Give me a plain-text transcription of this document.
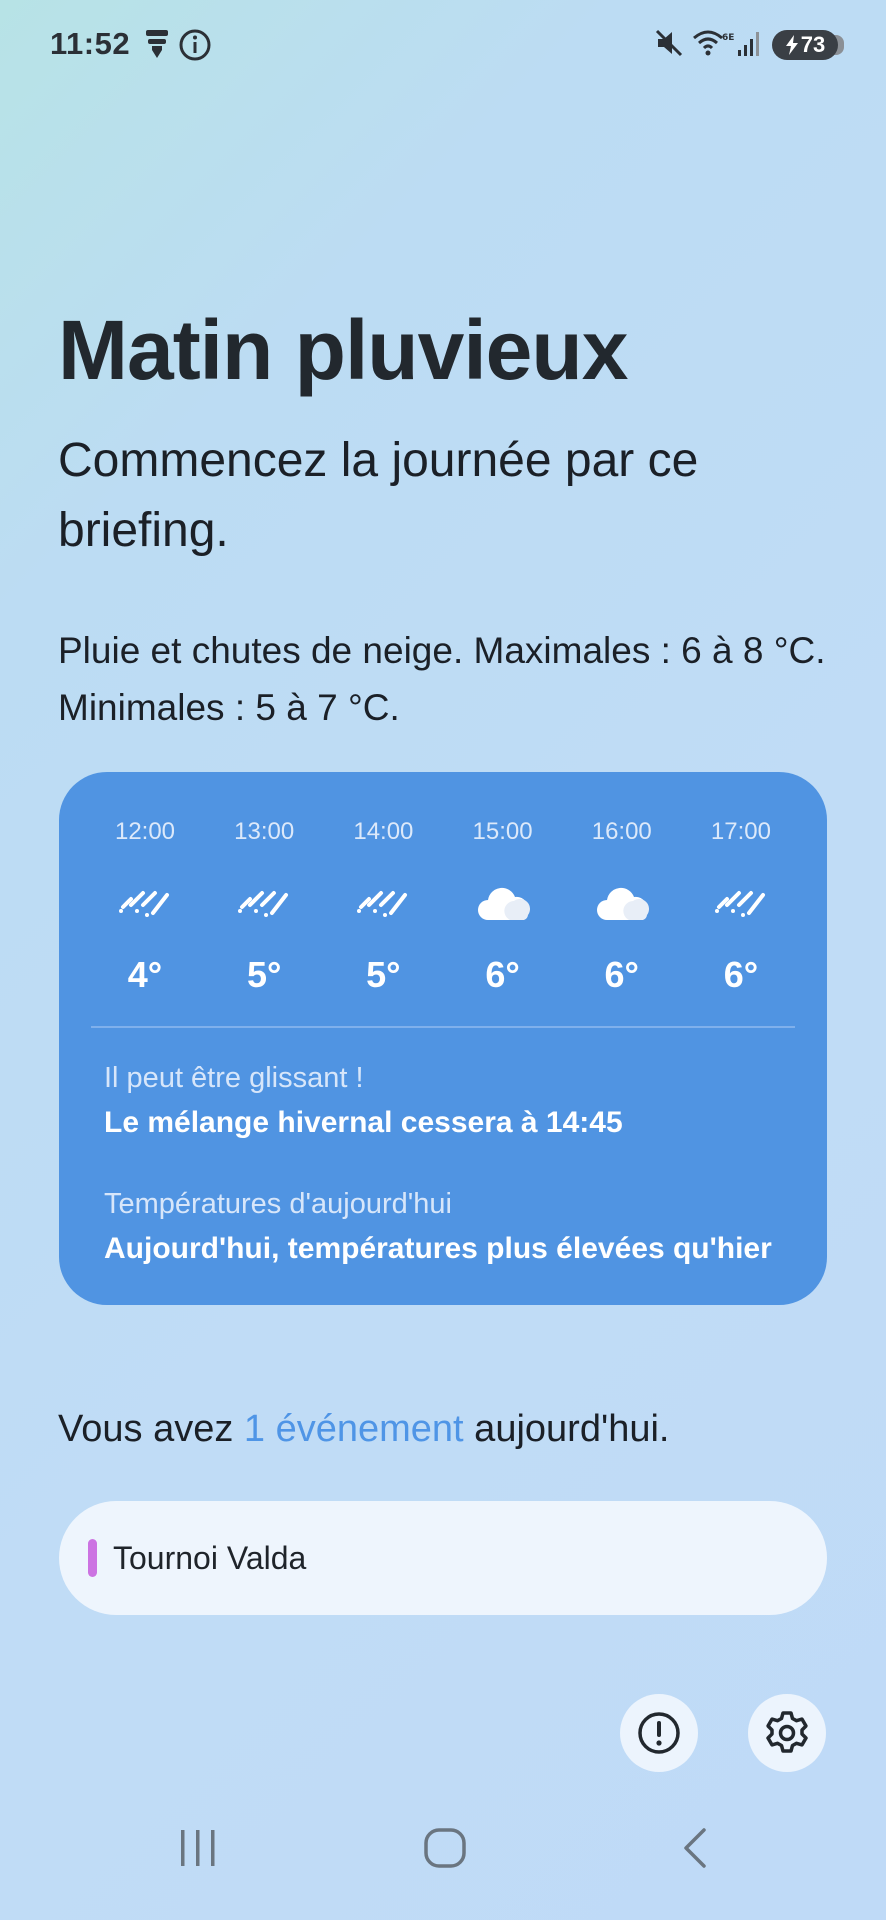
11:52	6E	73
Matin pluvieux
Commencez la journée par ce briefing.
Pluie et chutes de neige. Maximales : 6 à 8 °C. Minimales : 5 à 7 °C.
12:00
4°
13:00
5°
14:00
5°
15:00
6°
16:00
6°
17:00
6°
Il peut être glissant !
Le mélange hivernal cessera à 14:45
Températures d'aujourd'hui
Aujourd'hui, températures plus élevées qu'hier
Vous avez 1 événement aujourd'hui.
Tournoi Valda
